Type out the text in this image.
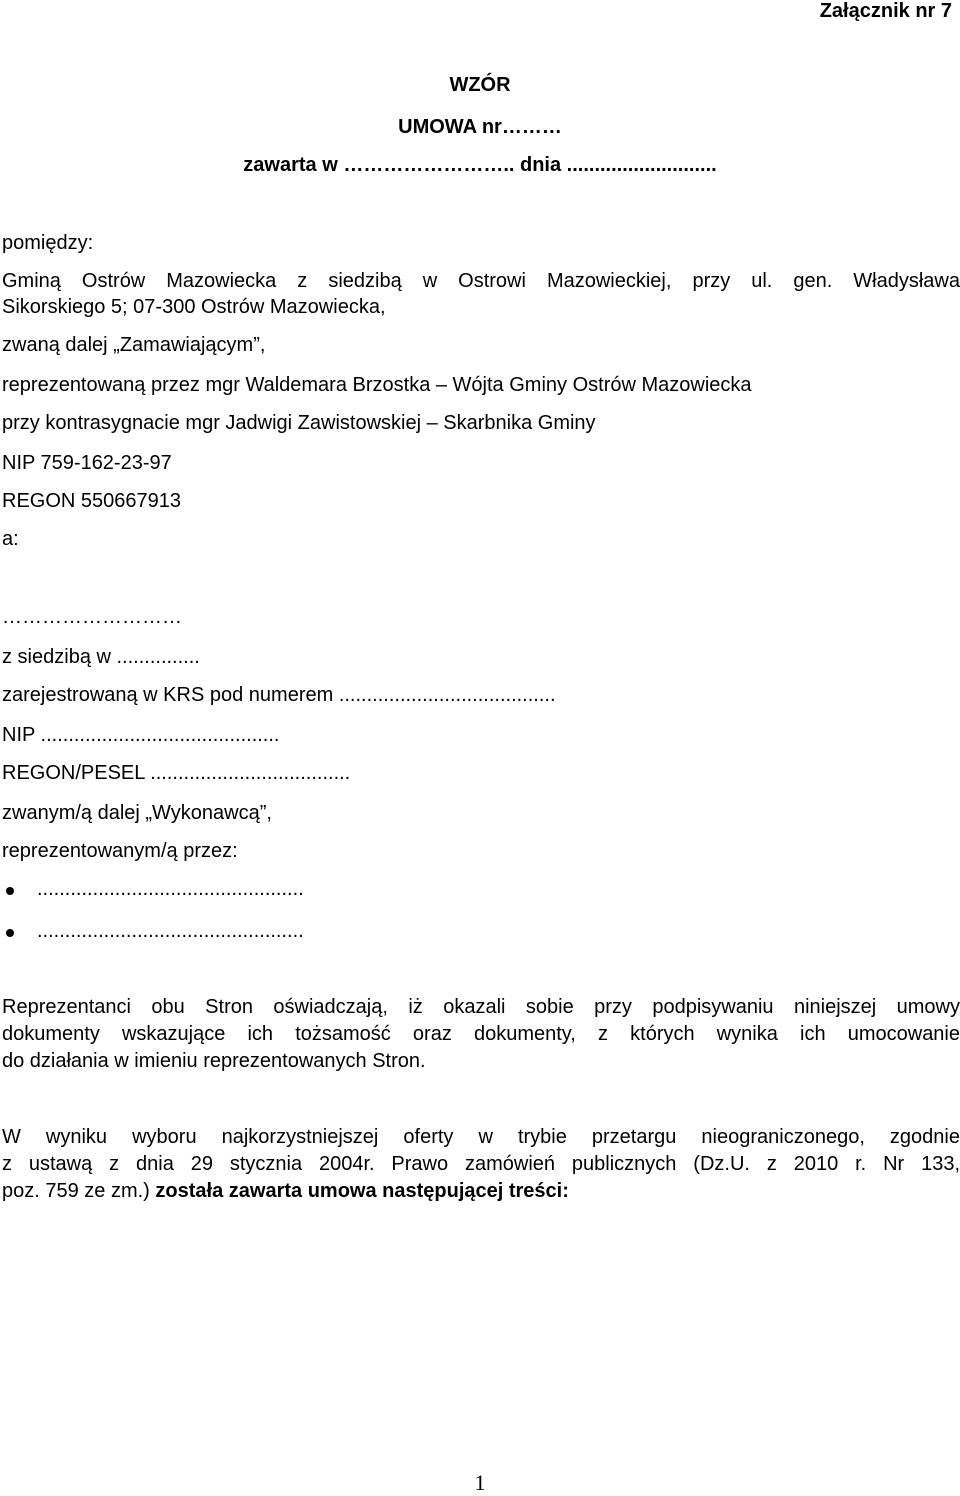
Załącznik nr 7
WZÓR
UMOWA nr………
zawarta w …………………….. dnia ...........................
pomiędzy:
Gminą Ostrów Mazowiecka z siedzibą w Ostrowi Mazowieckiej, przy ul. gen. Władysława
Sikorskiego 5; 07-300 Ostrów Mazowiecka,
zwaną dalej „Zamawiającym”,
reprezentowaną przez mgr Waldemara Brzostka – Wójta Gminy Ostrów Mazowiecka
przy kontrasygnacie mgr Jadwigi Zawistowskiej – Skarbnika Gminy
NIP 759-162-23-97
REGON 550667913
a:
………………………
z siedzibą w ...............
zarejestrowaną w KRS pod numerem .......................................
NIP ...........................................
REGON/PESEL ....................................
zwanym/ą dalej „Wykonawcą”,
reprezentowanym/ą przez:
................................................
................................................
Reprezentanci obu Stron oświadczają, iż okazali sobie przy podpisywaniu niniejszej umowy
dokumenty wskazujące ich tożsamość oraz dokumenty, z których wynika ich umocowanie
do działania w imieniu reprezentowanych Stron.
W wyniku wyboru najkorzystniejszej oferty w trybie przetargu nieograniczonego, zgodnie
z ustawą z dnia 29 stycznia 2004r. Prawo zamówień publicznych (Dz.U. z 2010 r. Nr 133,
poz. 759 ze zm.) została zawarta umowa następującej treści:
1
